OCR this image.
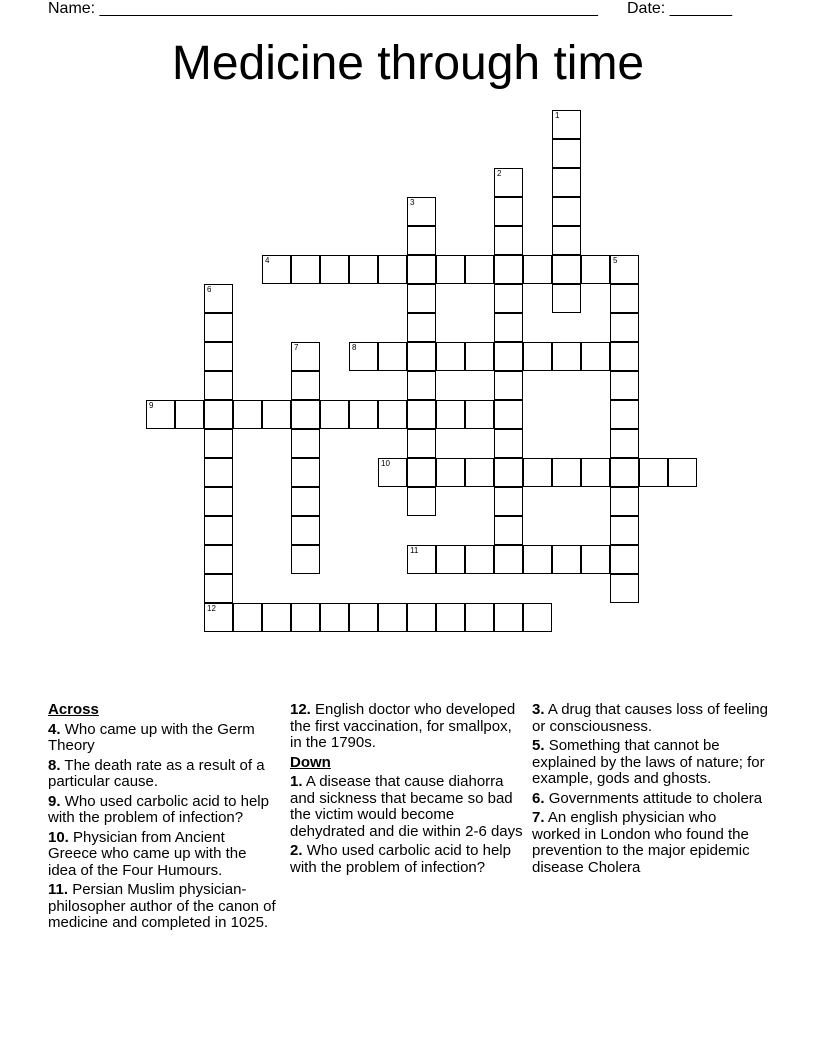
Name: ________________________________________________________ Date: _______
Medicine through time
1
2
3
4	5
6
12
7	8
9
10
11
Across
4. Who came up with the Germ Theory
8. The death rate as a result of a particular cause.
9. Who used carbolic acid to help with the problem of infection?
10. Physician from Ancient Greece who came up with the idea of the Four Humours.
11. Persian Muslim physician-philosopher author of the canon of medicine and completed in 1025.
12. English doctor who developed the first vaccination, for smallpox, in the 1790s.
Down
1. A disease that cause diahorra and sickness that became so bad the victim would become dehydrated and die within 2-6 days
2. Who used carbolic acid to help with the problem of infection?
3. A drug that causes loss of feeling or consciousness.
5. Something that cannot be explained by the laws of nature; for example, gods and ghosts.
6. Governments attitude to cholera
7. An english physician who worked in London who found the prevention to the major epidemic disease Cholera
